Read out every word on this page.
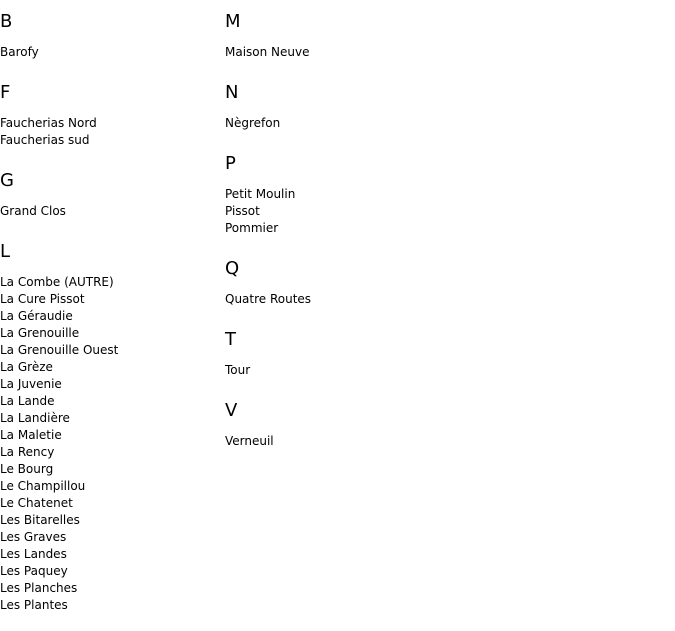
B
Barofy
F
Faucherias Nord
Faucherias sud
G
Grand Clos
L
La Combe (AUTRE)
La Cure Pissot
La Géraudie
La Grenouille
La Grenouille Ouest
La Grèze
La Juvenie
La Lande
La Landière
La Maletie
La Rency
Le Bourg
Le Champillou
Le Chatenet
Les Bitarelles
Les Graves
Les Landes
Les Paquey
Les Planches
Les Plantes
M
Maison Neuve
N
Nègrefon
P
Petit Moulin
Pissot
Pommier
Q
Quatre Routes
T
Tour
V
Verneuil
